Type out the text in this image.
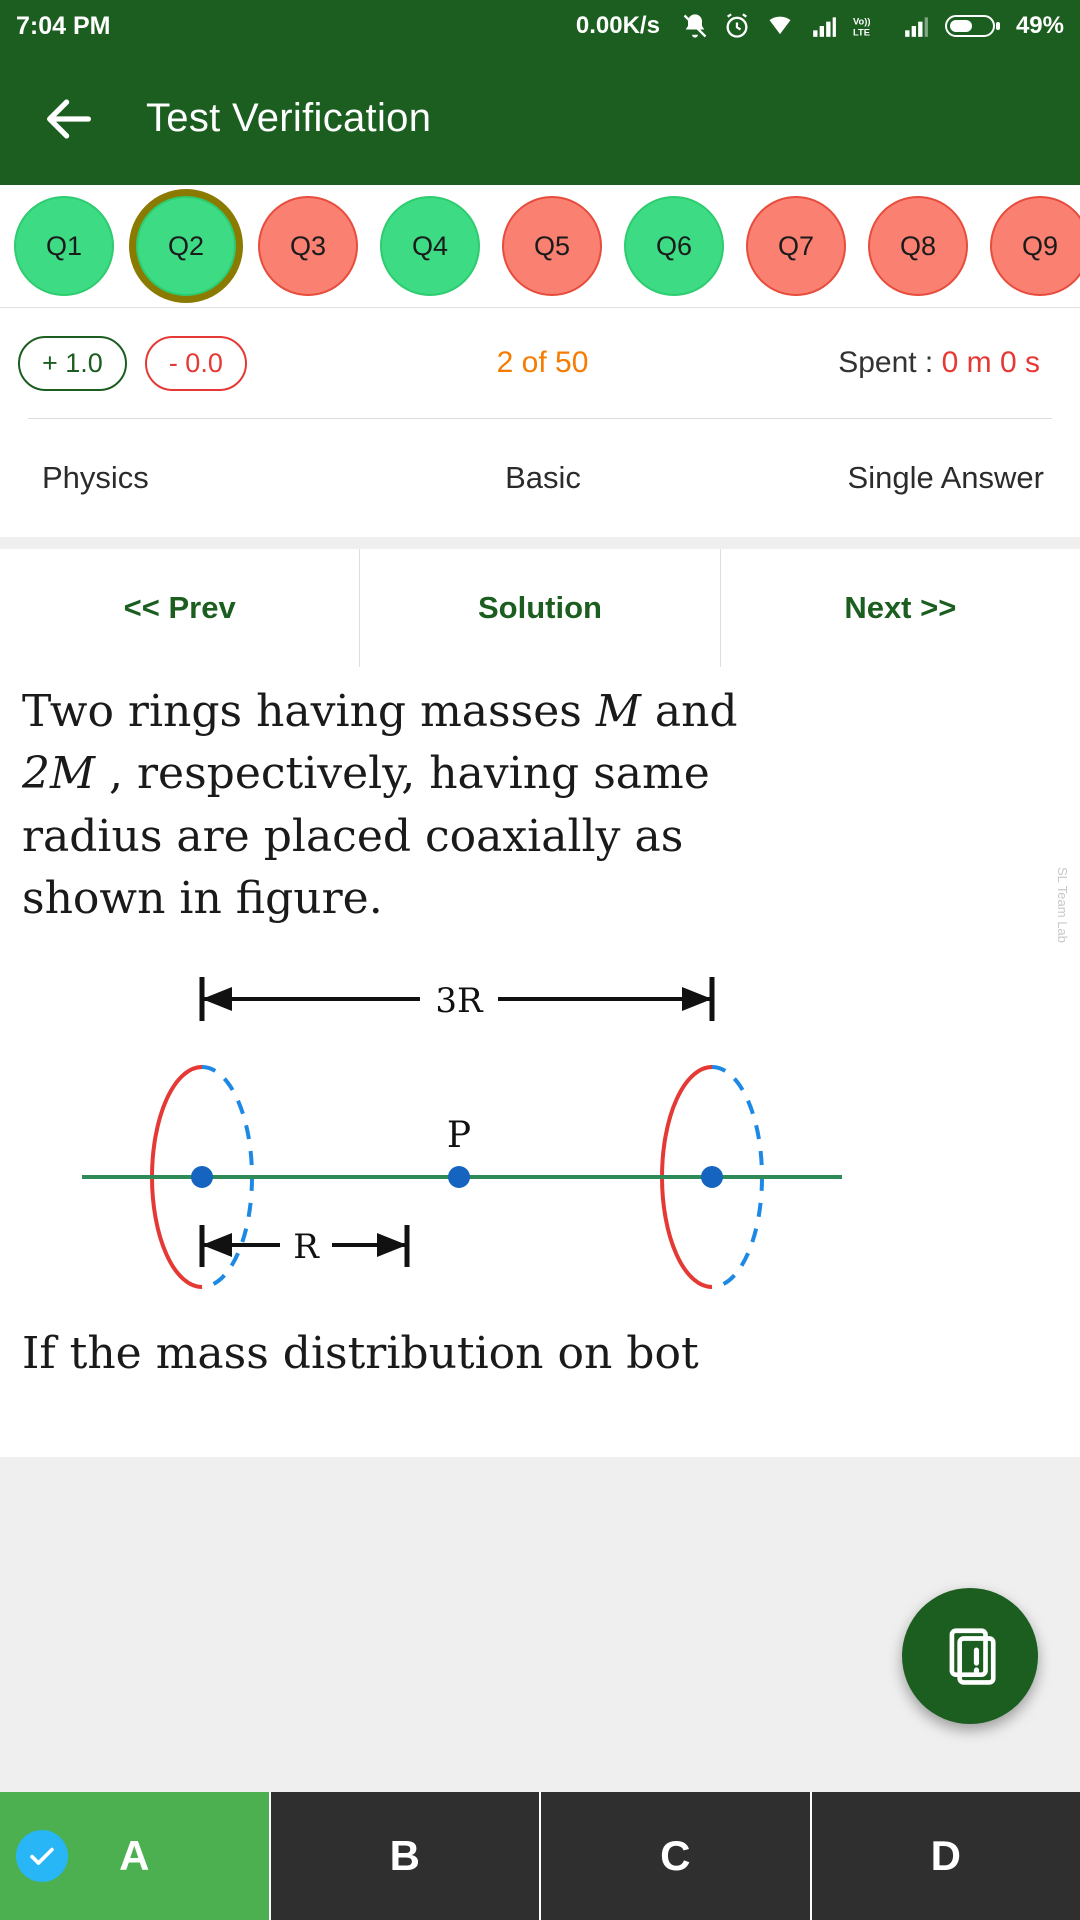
7:04 PM	0.00K/s	Vo))
LTE	49%
Test Verification
Q1	Q2	Q3	Q4	Q5	Q6	Q7	Q8	Q9
+ 1.0	- 0.0	2 of 50	Spent : 0 m 0 s
Physics	Basic	Single Answer
<< Prev	Solution	Next >>
Two rings having masses M and
2M , respectively, having same
radius are placed coaxially as
shown in figure.	SL Team Lab
3R
P
R
If the mass distribution on bot
A	B	C	D
